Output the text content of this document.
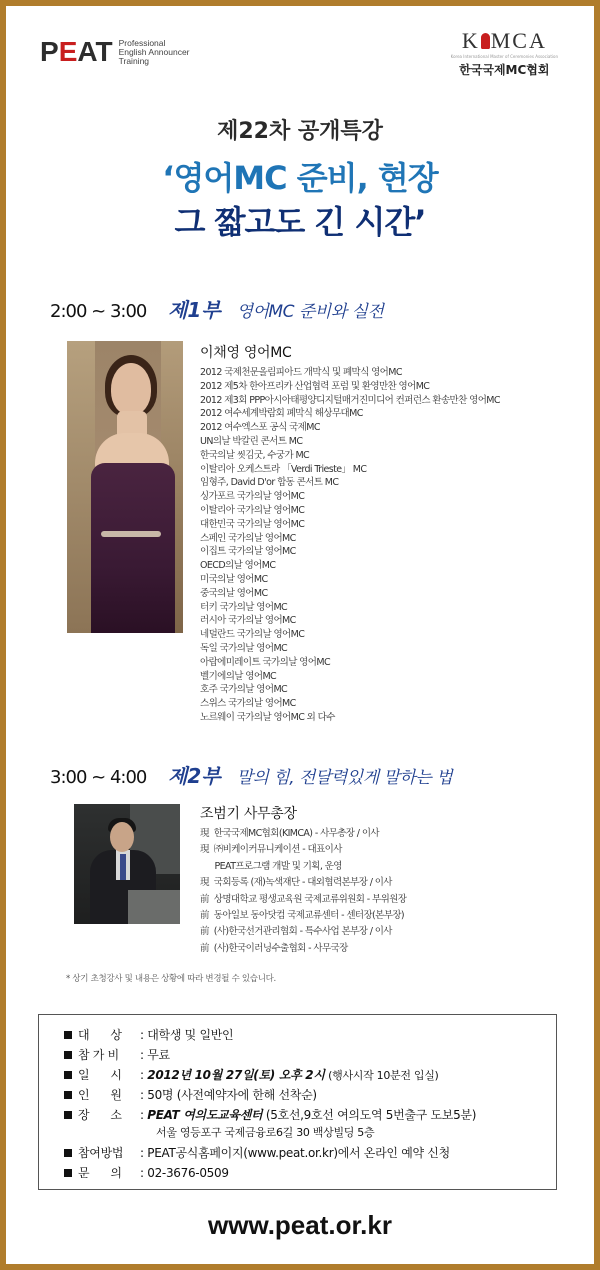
PEAT Professional
English Announcer
Training
K MCA
Korea International Master of Ceremonies Association
한국국제MC협회
제22차 공개특강
‘영어MC 준비, 현장
그 짧고도 긴 시간’
2:00 ~ 3:00	제1부 영어MC 준비와 실전
이채영 영어MC
2012 국제천문올림피아드 개막식 및 폐막식 영어MC
2012 제5차 한아프리카 산업협력 포럼 및 환영만찬 영어MC
2012 제3회 PPP아시아태평양디지털매거진미디어 컨퍼런스 환송만찬 영어MC
2012 여수세계박람회 폐막식 해상무대MC
2012 여수엑스포 공식 국제MC
UN의날 박칼린 콘서트 MC
한국의날 씻김굿, 수궁가 MC
이탈리아 오케스트라 「Verdi Trieste」 MC
임형주, David D'or 합동 콘서트 MC
싱가포르 국가의날 영어MC
이탈리아 국가의날 영어MC
대한민국 국가의날 영어MC
스페인 국가의날 영어MC
이집트 국가의날 영어MC
OECD의날 영어MC
미국의날 영어MC
중국의날 영어MC
터키 국가의날 영어MC
러시아 국가의날 영어MC
네덜란드 국가의날 영어MC
독일 국가의날 영어MC
아랍에미레이트 국가의날 영어MC
벨기에의날 영어MC
호주 국가의날 영어MC
스위스 국가의날 영어MC
노르웨이 국가의날 영어MC 외 다수
3:00 ~ 4:00	제2부 말의 힘, 전달력있게 말하는 법
조범기 사무총장
現  한국국제MC협회(KIMCA) - 사무총장 / 이사
現  ㈜비케이커뮤니케이션 - 대표이사
PEAT프로그램 개발 및 기획, 운영
現  국회등록 (재)녹색재단 - 대외협력본부장 / 이사
前  상명대학교 평생교육원 국제교류위원회 - 부위원장
前  동아일보 동아닷컴 국제교류센터 - 센터장(본부장)
前  (사)한국선거관리협회 - 특수사업 본부장 / 이사
前  (사)한국이러닝수출협회 - 사무국장
* 상기 초청강사 및 내용은 상황에 따라 변경될 수 있습니다.
대      상	: 대학생 및 일반인
참 가 비	: 무료
일      시	: 2012년 10월 27일(토) 오후 2시 (행사시작 10분전 입실)
인      원	: 50명 (사전예약자에 한해 선착순)
장      소	: PEAT 여의도교육센터 (5호선,9호선 여의도역 5번출구 도보5분)
서울 영등포구 국제금융로6길 30 백상빌딩 5층
참여방법	: PEAT공식홈페이지(www.peat.or.kr)에서 온라인 예약 신청
www.peat.or.kr
문      의	: 02-3676-0509
